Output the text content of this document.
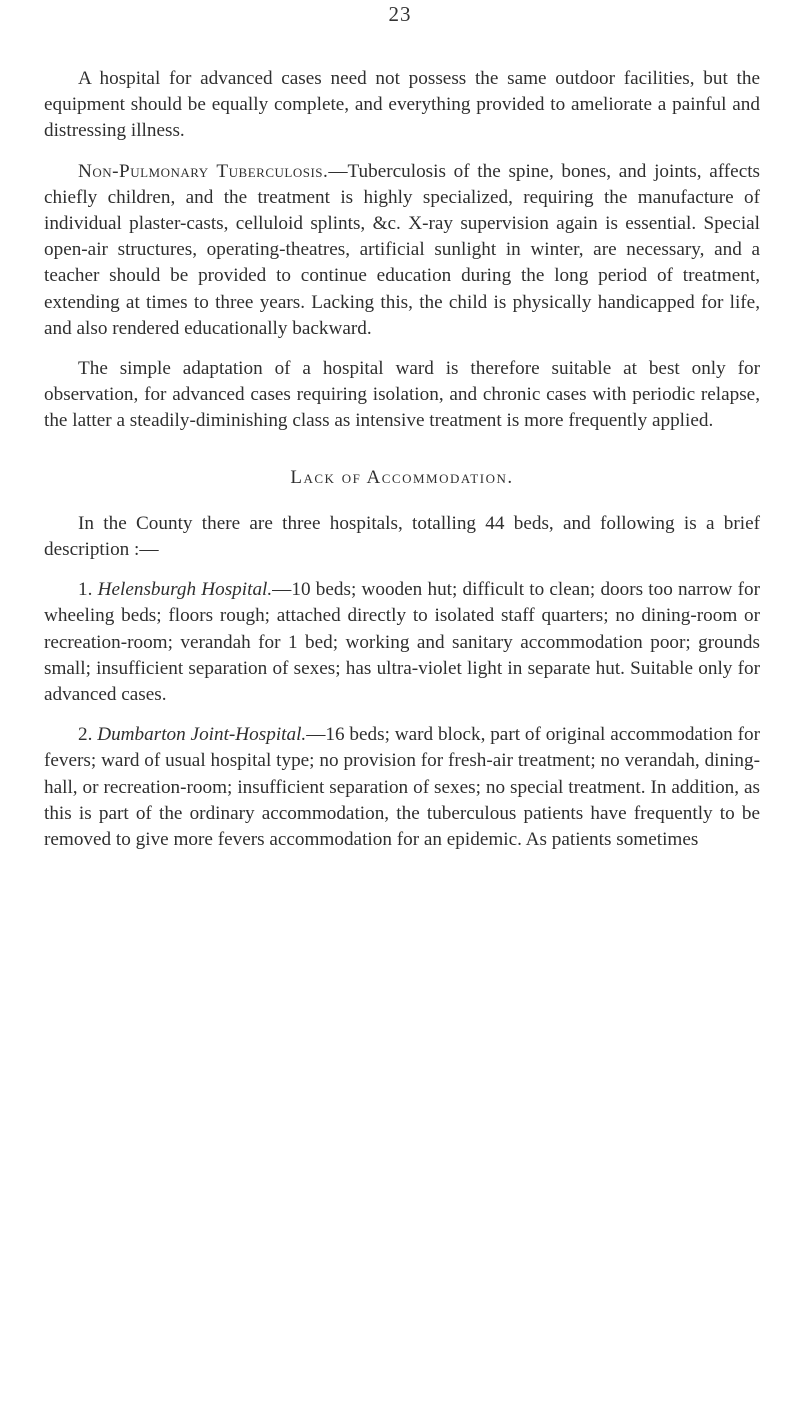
23

A hospital for advanced cases need not possess the same outdoor facilities, but the equipment should be equally complete, and everything provided to ameliorate a painful and distressing illness.

Non-Pulmonary Tuberculosis.—Tuberculosis of the spine, bones, and joints, affects chiefly children, and the treatment is highly specialized, requiring the manufacture of individual plaster-casts, celluloid splints, &c. X-ray supervision again is essential. Special open-air structures, operating-theatres, artificial sunlight in winter, are necessary, and a teacher should be provided to continue education during the long period of treatment, extending at times to three years. Lacking this, the child is physically handicapped for life, and also rendered educationally backward.

The simple adaptation of a hospital ward is therefore suitable at best only for observation, for advanced cases requiring isolation, and chronic cases with periodic relapse, the latter a steadily-diminishing class as intensive treatment is more frequently applied.

Lack of Accommodation.

In the County there are three hospitals, totalling 44 beds, and following is a brief description :—

1. Helensburgh Hospital.—10 beds; wooden hut; difficult to clean; doors too narrow for wheeling beds; floors rough; attached directly to isolated staff quarters; no dining-room or recreation-room; verandah for 1 bed; working and sanitary accommodation poor; grounds small; insufficient separation of sexes; has ultra-violet light in separate hut. Suitable only for advanced cases.

2. Dumbarton Joint-Hospital.—16 beds; ward block, part of original accommodation for fevers; ward of usual hospital type; no provision for fresh-air treatment; no verandah, dining-hall, or recreation-room; insufficient separation of sexes; no special treatment. In addition, as this is part of the ordinary accommodation, the tuberculous patients have frequently to be removed to give more fevers accommodation for an epidemic. As patients sometimes
